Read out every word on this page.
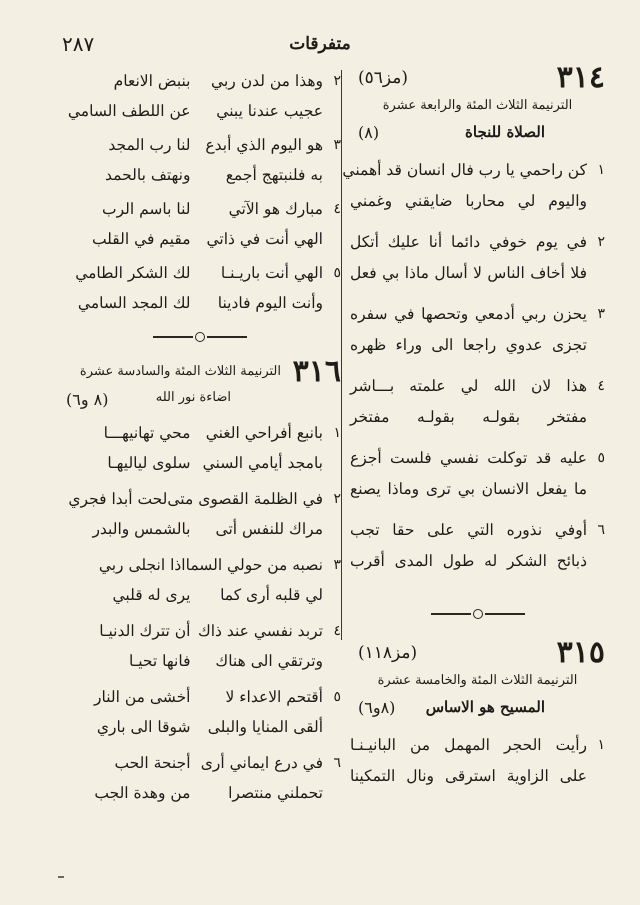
٢٨٧	متفرقات
٣١٤
(مز٥٦)
الترنيمة الثلاث المئة والرابعة عشرة
الصلاة للنجاة
(٨)
١
كن راحمي يا رب فال انسان قد أهمني
واليوم لي محاربا ضايقني وغمني
٢
في يوم خوفي دائما أنا عليك أتكل
فلا أخاف الناس لا أسال ماذا بي فعل
٣
يحزن ربي أدمعي وتحصها في سفره
تجزى عدوي راجعا الى وراء ظهره
٤
هذا لان الله لي علمته بـــاشر
مفتخر بقولـه بقولـه مفتخر
٥
عليه قد توكلت نفسي فلست أجزع
ما يفعل الانسان بي ترى وماذا يصنع
٦
أوفي نذوره التي على حقا تجب
ذبائح الشكر له طول المدى أقرب
٣١٥
(مز١١٨)
الترنيمة الثلاث المئة والخامسة عشرة
المسيح هو الاساس
(٨و٦)
١
رأيت الحجر المهمل من البانيـنـا
على الزاوية استرقى ونال التمكينا
٢
وهذا من لدن ربي
بنبض الانعام
عجيب عندنا يبني
عن اللطف السامي
٣
هو اليوم الذي أبدع
لنا رب المجد
به فلنبتهج أجمع
ونهتف بالحمد
٤
مبارك هو الآتي
لنا باسم الرب
الهي أنت في ذاتي
مقيم في القلب
٥
الهي أنت باريـنـا
لك الشكر الطامي
وأنت اليوم فادينا
لك المجد السامي
٣١٦
الترنيمة الثلاث المئة والسادسة عشرة
اضاءة نور الله
(٨ و٦)
١
بانبع أفراحي الغني
محي تهانيهـــا
بامجد أيامي السني
سلوى لياليهـا
٢
في الظلمة القصوى متى
لحت أبدا فجري
مراك للنفس أتى
بالشمس والبدر
٣
نصبه من حولي السما
اذا انجلى ربي
لي قلبه أرى كما
يرى له قلبي
٤
تربد نفسي عند ذاك
أن تترك الدنيـا
وترتقي الى هناك
فانها تحيـا
٥
أقتحم الاعداء لا
أخشى من النار
ألقى المنايا والبلى
شوقا الى باري
٦
في درع ايماني أرى
أجنحة الحب
تحملني منتصرا
من وهدة الجب
